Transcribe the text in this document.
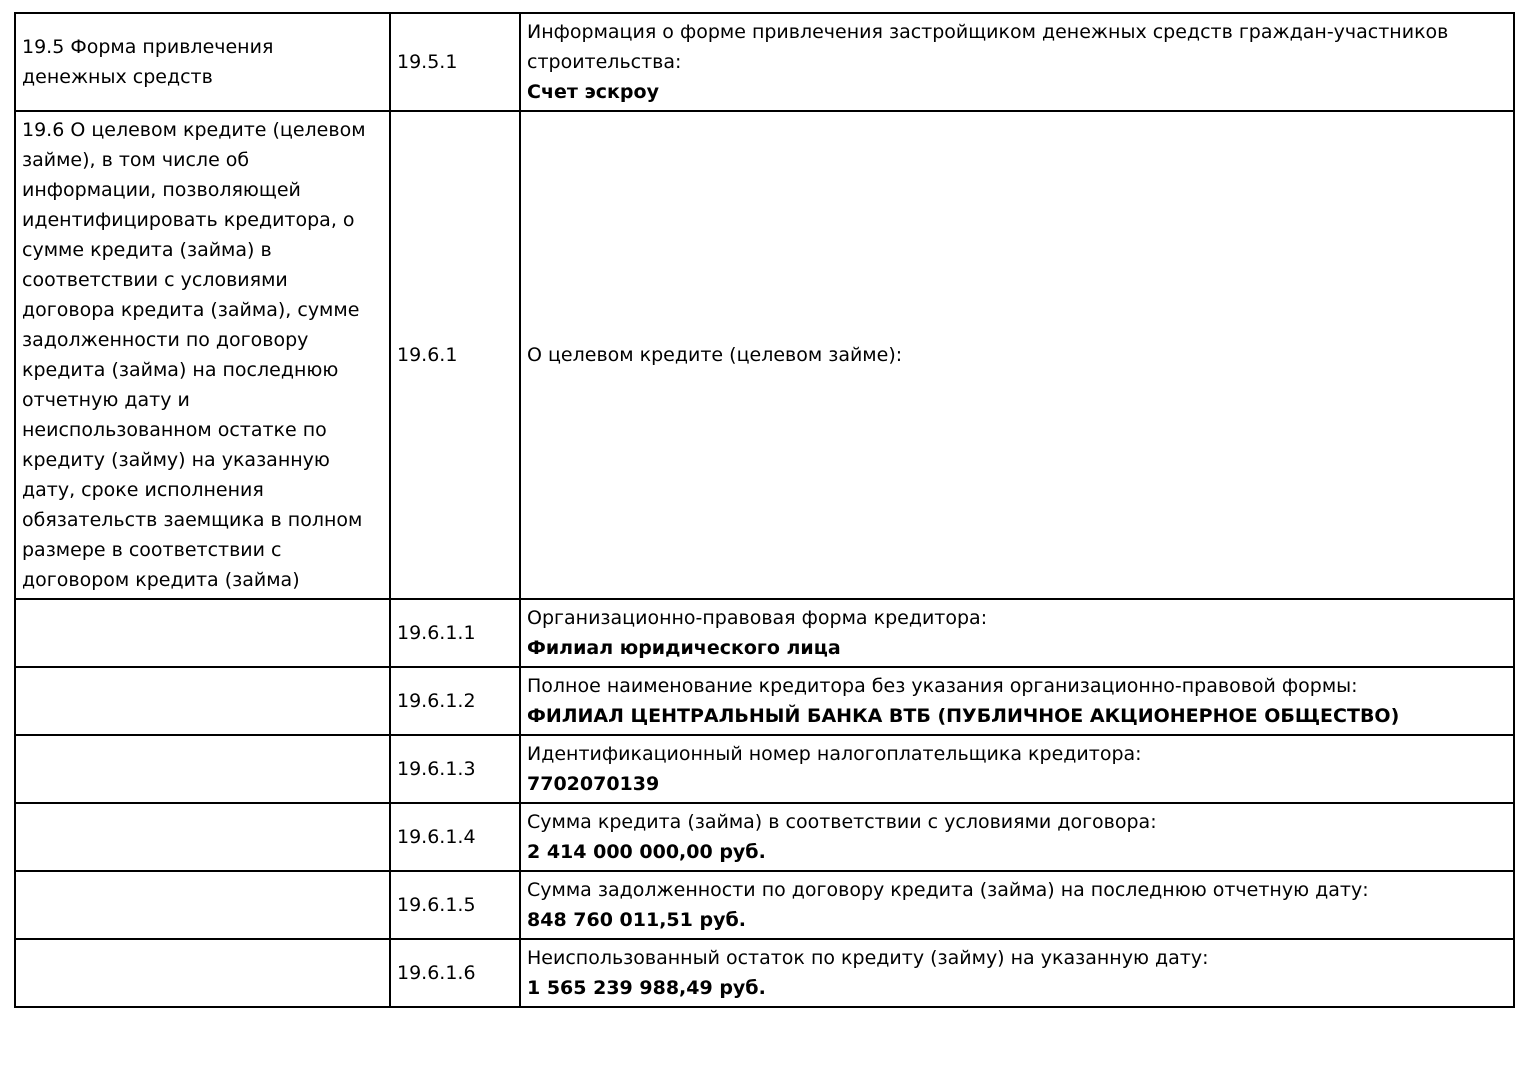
19.5 Форма привлечения денежных средств	19.5.1	Информация о форме привлечения застройщиком денежных средств граждан-участников строительства:
Счет эскроу

19.6 О целевом кредите (целевом займе), в том числе об информации, позволяющей идентифицировать кредитора, о сумме кредита (займа) в соответствии с условиями договора кредита (займа), сумме задолженности по договору кредита (займа) на последнюю отчетную дату и неиспользованном остатке по кредиту (займу) на указанную дату, сроке исполнения обязательств заемщика в полном размере в соответствии с договором кредита (займа)	19.6.1	О целевом кредите (целевом займе):

	19.6.1.1	Организационно-правовая форма кредитора:
Филиал юридического лица

	19.6.1.2	Полное наименование кредитора без указания организационно-правовой формы:
ФИЛИАЛ ЦЕНТРАЛЬНЫЙ БАНКА ВТБ (ПУБЛИЧНОЕ АКЦИОНЕРНОЕ ОБЩЕСТВО)

	19.6.1.3	Идентификационный номер налогоплательщика кредитора:
7702070139

	19.6.1.4	Сумма кредита (займа) в соответствии с условиями договора:
2 414 000 000,00 руб.

	19.6.1.5	Сумма задолженности по договору кредита (займа) на последнюю отчетную дату:
848 760 011,51 руб.

	19.6.1.6	Неиспользованный остаток по кредиту (займу) на указанную дату:
1 565 239 988,49 руб.
